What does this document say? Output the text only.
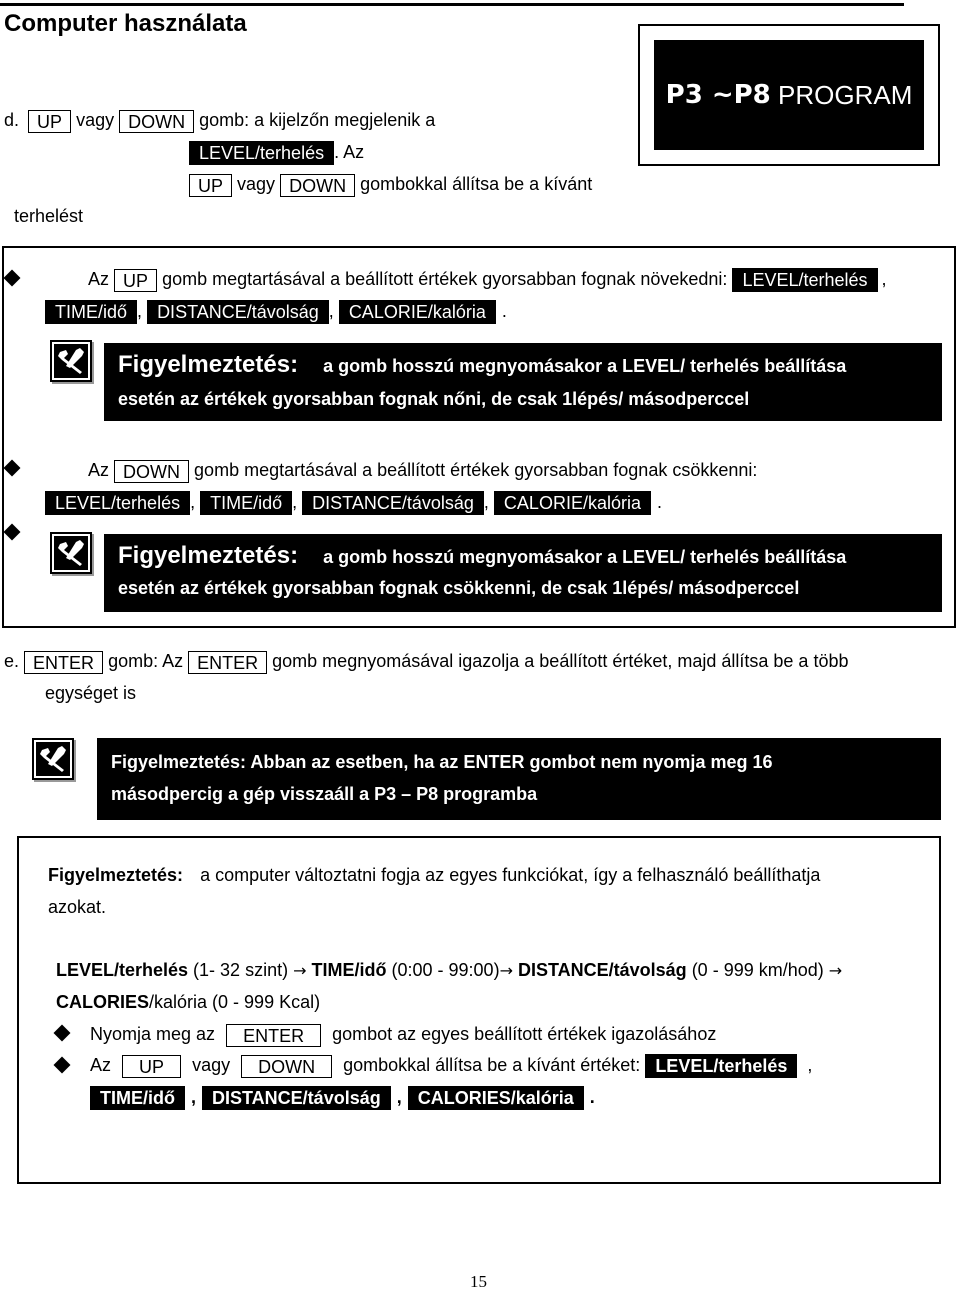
Computer használata
P3 ~P8 PROGRAM
d. UP vagy DOWN gomb: a kijelzőn megjelenik a
LEVEL/terhelés . Az
UP vagy DOWN gombokkal állítsa be a kívánt
terhelést
Az UP gomb megtartásával a beállított értékek gyorsabban fognak növekedni: LEVEL/terhelés ,
TIME/idő , DISTANCE/távolság , CALORIE/kalória .
Figyelmeztetés: a gomb hosszú megnyomásakor a LEVEL/ terhelés beállítása
esetén az értékek gyorsabban fognak nőni, de csak 1lépés/ másodperccel
Az DOWN gomb megtartásával a beállított értékek gyorsabban fognak csökkenni:
LEVEL/terhelés , TIME/idő , DISTANCE/távolság , CALORIE/kalória .
Figyelmeztetés: a gomb hosszú megnyomásakor a LEVEL/ terhelés beállítása
esetén az értékek gyorsabban fognak csökkenni, de csak 1lépés/ másodperccel
e. ENTER gomb: Az ENTER gomb megnyomásával igazolja a beállított értéket, majd állítsa be a több
egységet is
Figyelmeztetés: Abban az esetben, ha az ENTER gombot nem nyomja meg 16
másodpercig a gép visszaáll a P3 – P8 programba
Figyelmeztetés: a computer változtatni fogja az egyes funkciókat, így a felhasználó beállíthatja
azokat.
LEVEL/terhelés (1- 32 szint) → TIME/idő (0:00 - 99:00)→ DISTANCE/távolság (0 - 999 km/hod) →
CALORIES/kalória (0 - 999 Kcal)
Nyomja meg az ENTER gombot az egyes beállított értékek igazolásához
Az UP vagy DOWN gombokkal állítsa be a kívánt értéket: LEVEL/terhelés ,
TIME/idő , DISTANCE/távolság , CALORIES/kalória .
15
